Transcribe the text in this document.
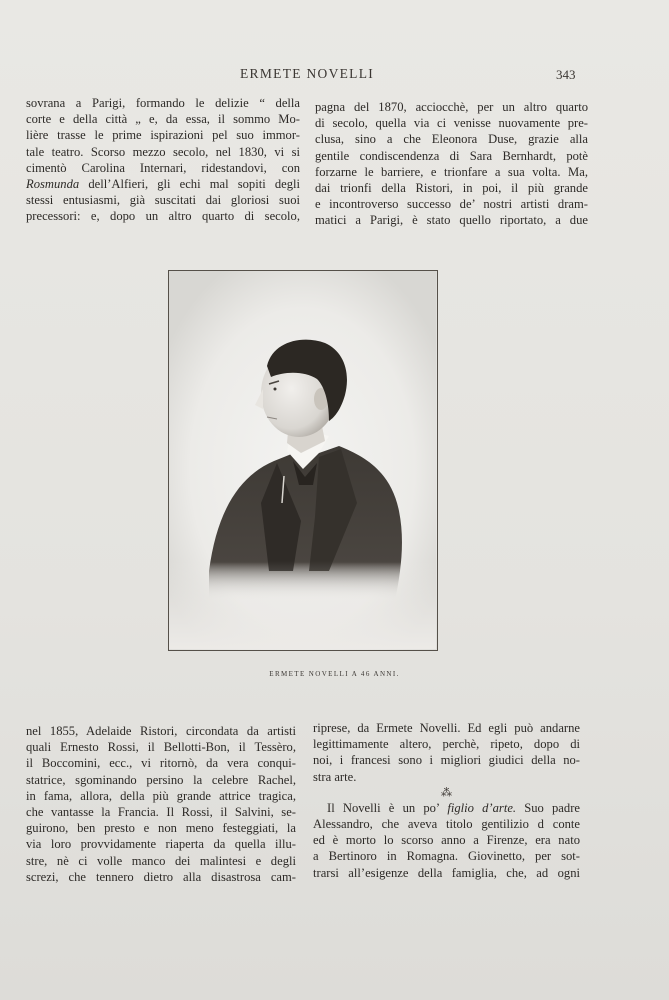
ERMETE NOVELLI	343
sovrana a Parigi, formando le delizie “ della
corte e della città „ e, da essa, il sommo Mo-
lière trasse le prime ispirazioni pel suo immor-
tale teatro. Scorso mezzo secolo, nel 1830, vi si
cimentò Carolina Internari, ridestandovi, con
Rosmunda dell’Alfieri, gli echi mal sopiti degli
stessi entusiasmi, già suscitati dai gloriosi suoi
precessori: e, dopo un altro quarto di secolo,
pagna del 1870, acciocchè, per un altro quarto
di secolo, quella via ci venisse nuovamente pre-
clusa, sino a che Eleonora Duse, grazie alla
gentile condiscendenza di Sara Bernhardt, potè
forzarne le barriere, e trionfare a sua volta. Ma,
dai trionfi della Ristori, in poi, il più grande
e incontroverso successo de’ nostri artisti dram-
matici a Parigi, è stato quello riportato, a due
ERMETE NOVELLI A 46 ANNI.
nel 1855, Adelaide Ristori, circondata da artisti
quali Ernesto Rossi, il Bellotti-Bon, il Tessèro,
il Boccomini, ecc., vi ritornò, da vera conqui-
statrice, sgominando persino la celebre Rachel,
in fama, allora, della più grande attrice tragica,
che vantasse la Francia. Il Rossi, il Salvini, se-
guirono, ben presto e non meno festeggiati, la
via loro provvidamente riaperta da quella illu-
stre, nè ci volle manco dei malintesi e degli
screzi, che tennero dietro alla disastrosa cam-
riprese, da Ermete Novelli. Ed egli può andarne
legittimamente altero, perchè, ripeto, dopo di
noi, i francesi sono i migliori giudici della no-
stra arte.
⁂
Il Novelli è un po’ figlio d’arte. Suo padre
Alessandro, che aveva titolo gentilizio d conte
ed è morto lo scorso anno a Firenze, era nato
a Bertinoro in Romagna. Giovinetto, per sot-
trarsi all’esigenze della famiglia, che, ad ogni
